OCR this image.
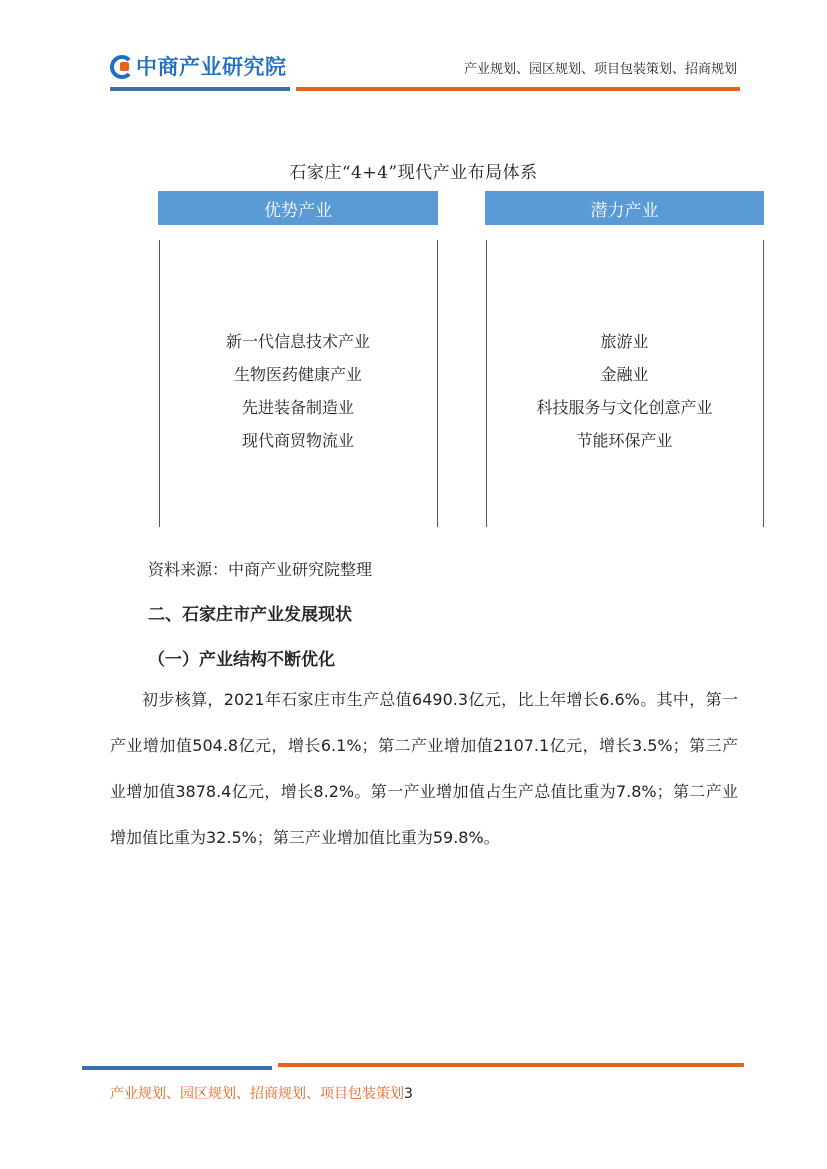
中商产业研究院	产业规划、园区规划、项目包装策划、招商规划
石家庄“4+4”现代产业布局体系
优势产业	潜力产业
新一代信息技术产业
生物医药健康产业
先进装备制造业
现代商贸物流业
旅游业
金融业
科技服务与文化创意产业
节能环保产业
资料来源：中商产业研究院整理
二、石家庄市产业发展现状
（一）产业结构不断优化
初步核算，2021年石家庄市生产总值6490.3亿元，比上年增长6.6%。其中，第一产业增加值504.8亿元，增长6.1%；第二产业增加值2107.1亿元，增长3.5%；第三产业增加值3878.4亿元，增长8.2%。第一产业增加值占生产总值比重为7.8%；第二产业增加值比重为32.5%；第三产业增加值比重为59.8%。
产业规划、园区规划、招商规划、项目包装策划3
